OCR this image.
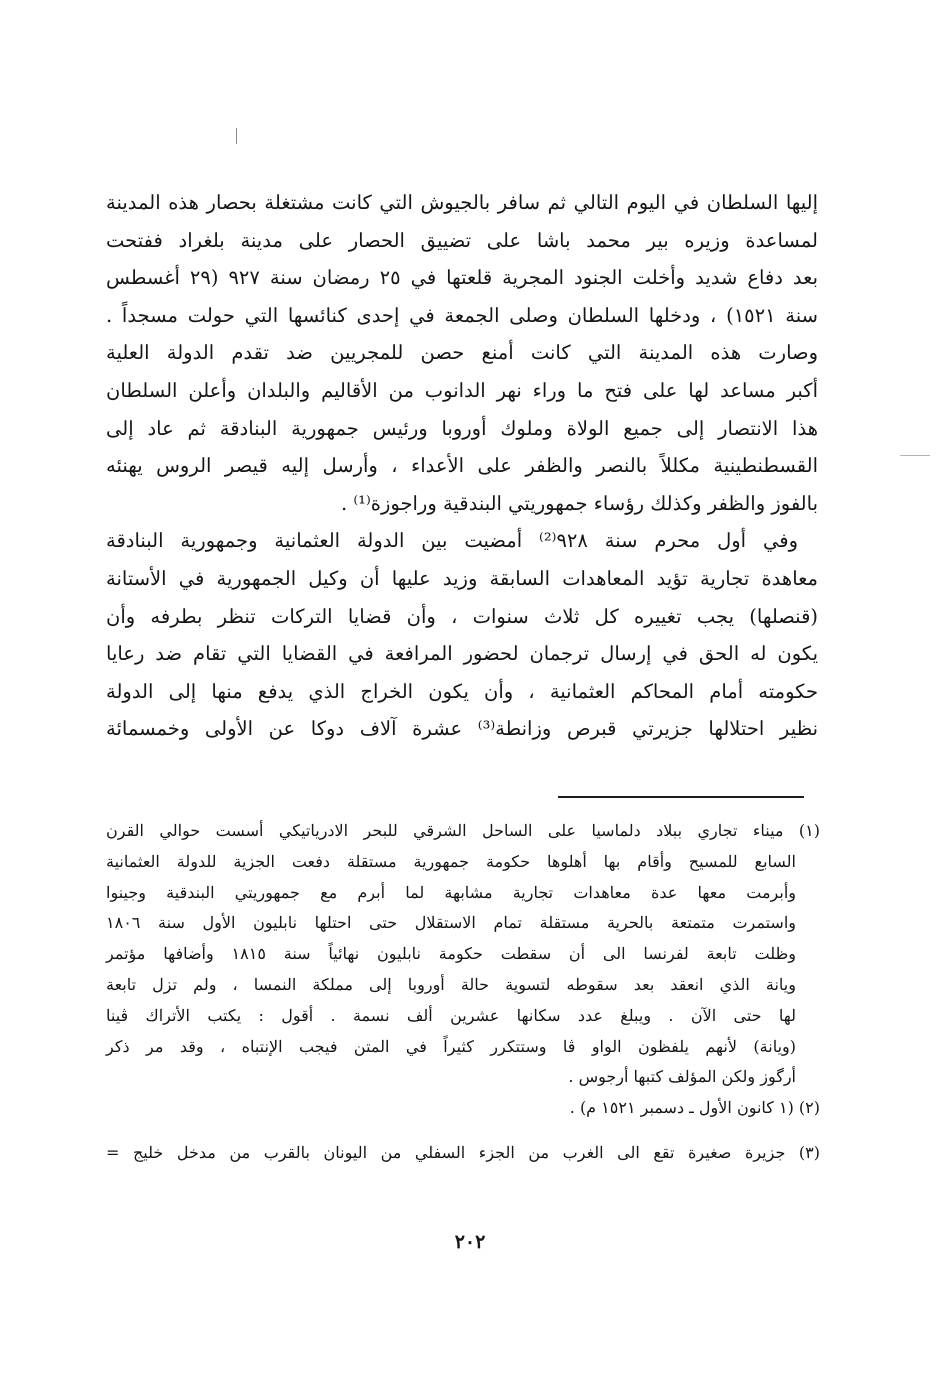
إليها السلطان في اليوم التالي ثم سافر بالجيوش التي كانت مشتغلة بحصار هذه المدينة
لمساعدة وزيره بير محمد باشا على تضييق الحصار على مدينة بلغراد ففتحت
بعد دفاع شديد وأخلت الجنود المجرية قلعتها في ٢٥ رمضان سنة ٩٢٧ (٢٩ أغسطس
سنة ١٥٢١) ، ودخلها السلطان وصلى الجمعة في إحدى كنائسها التي حولت مسجداً .
وصارت هذه المدينة التي كانت أمنع حصن للمجريين ضد تقدم الدولة العلية
أكبر مساعد لها على فتح ما وراء نهر الدانوب من الأقاليم والبلدان وأعلن السلطان
هذا الانتصار إلى جميع الولاة وملوك أوروبا ورئيس جمهورية البنادقة ثم عاد إلى
القسطنطينية مكللاً بالنصر والظفر على الأعداء ، وأرسل إليه قيصر الروس يهنئه
بالفوز والظفر وكذلك رؤساء جمهوريتي البندقية وراجوزة⁽¹⁾ .
وفي أول محرم سنة ٩٢٨⁽²⁾ أمضيت بين الدولة العثمانية وجمهورية البنادقة
معاهدة تجارية تؤيد المعاهدات السابقة وزيد عليها أن وكيل الجمهورية في الأستانة
(قنصلها) يجب تغييره كل ثلاث سنوات ، وأن قضايا التركات تنظر بطرفه وأن
يكون له الحق في إرسال ترجمان لحضور المرافعة في القضايا التي تقام ضد رعايا
حكومته أمام المحاكم العثمانية ، وأن يكون الخراج الذي يدفع منها إلى الدولة
نظير احتلالها جزيرتي قبرص وزانطة⁽³⁾ عشرة آلاف دوكا عن الأولى وخمسمائة
(١) ميناء تجاري ببلاد دلماسيا على الساحل الشرقي للبحر الادرياتيكي أسست حوالي القرن
السابع للمسيح وأقام بها أهلوها حكومة جمهورية مستقلة دفعت الجزية للدولة العثمانية
وأبرمت معها عدة معاهدات تجارية مشابهة لما أبرم مع جمهوريتي البندقية وجينوا
واستمرت متمتعة بالحرية مستقلة تمام الاستقلال حتى احتلها نابليون الأول سنة ١٨٠٦
وظلت تابعة لفرنسا الى أن سقطت حكومة نابليون نهائياً سنة ١٨١٥ وأضافها مؤتمر
ويانة الذي انعقد بعد سقوطه لتسوية حالة أوروبا إلى مملكة النمسا ، ولم تزل تابعة
لها حتى الآن . ويبلغ عدد سكانها عشرين ألف نسمة . أقول : يكتب الأتراك ڤينا
(ويانة) لأنهم يلفظون الواو ڤا وستتكرر كثيراً في المتن فيجب الإنتباه ، وقد مر ذكر
أرگوز ولكن المؤلف كتبها أرجوس .
(٢) (١ كانون الأول ـ دسمبر ١٥٢١ م) .
(٣) جزيرة صغيرة تقع الى الغرب من الجزء السفلي من اليونان بالقرب من مدخل خليج =
٢٠٢
